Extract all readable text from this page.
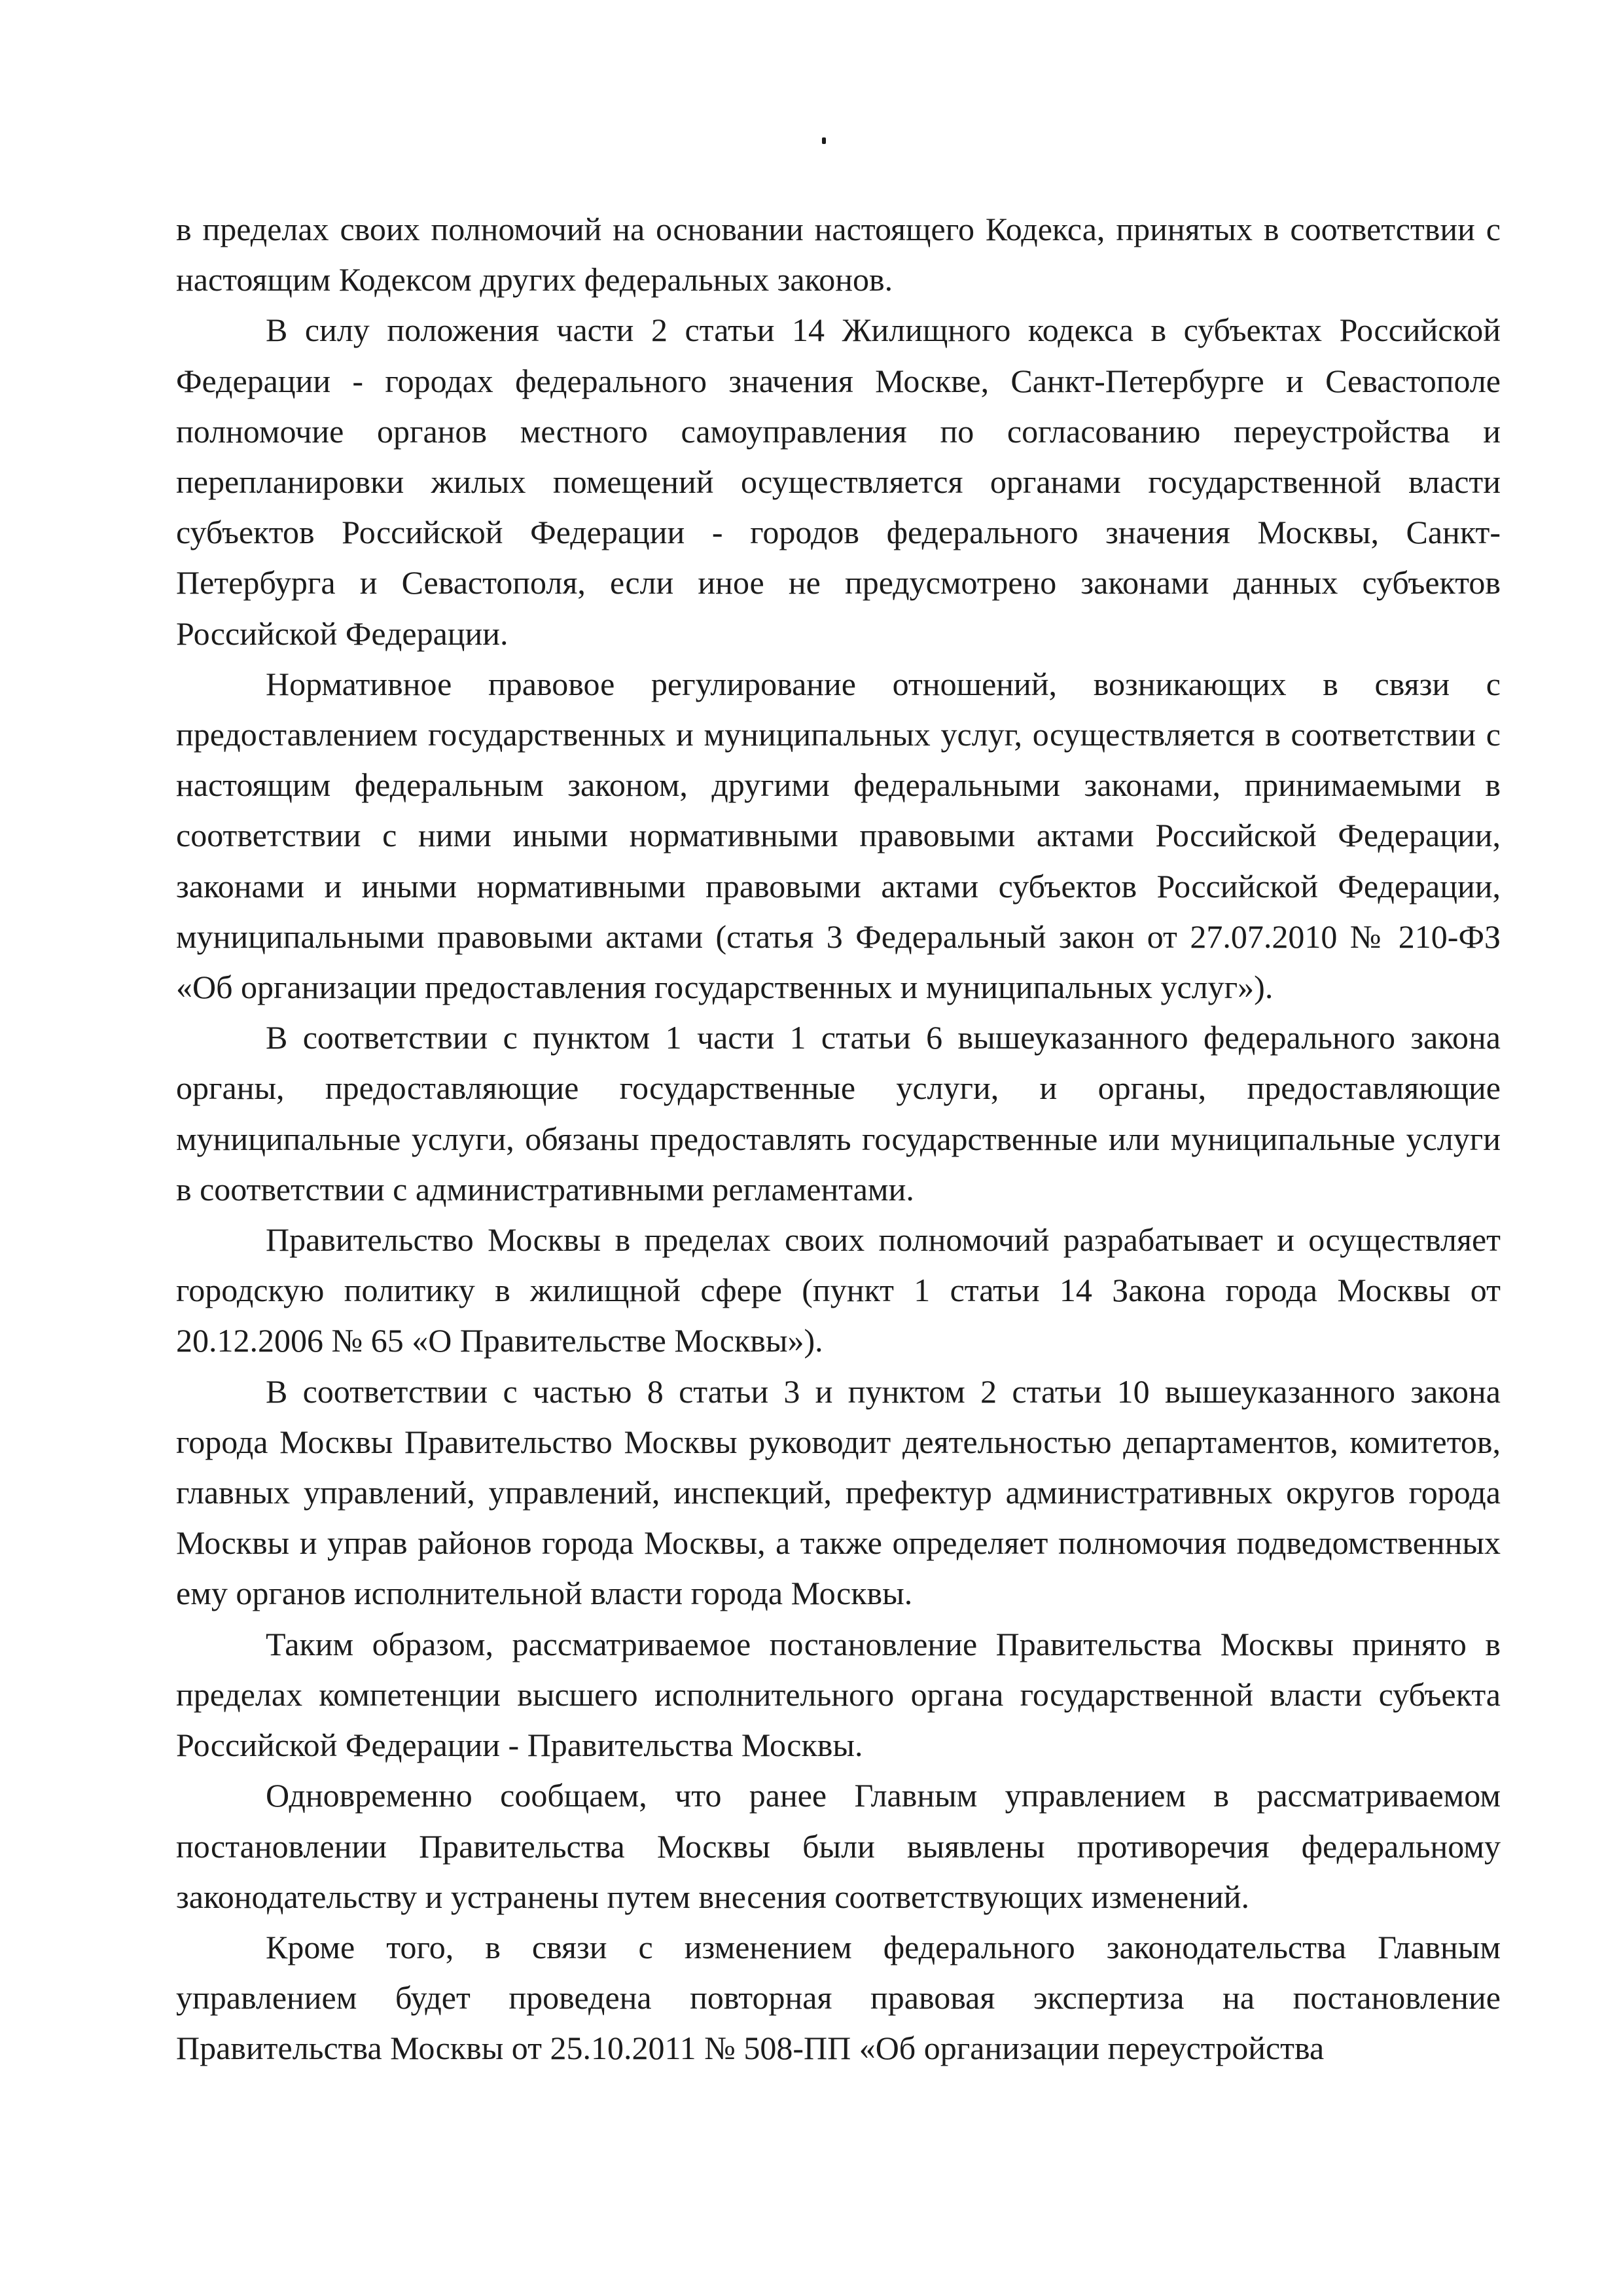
в пределах своих полномочий на основании настоящего Кодекса, принятых в соответствии с настоящим Кодексом других федеральных законов.

В силу положения части 2 статьи 14 Жилищного кодекса в субъектах Российской Федерации - городах федерального значения Москве, Санкт-Петербурге и Севастополе полномочие органов местного самоуправления по согласованию переустройства и перепланировки жилых помещений осуществляется органами государственной власти субъектов Российской Федерации - городов федерального значения Москвы, Санкт-Петербурга и Севастополя, если иное не предусмотрено законами данных субъектов Российской Федерации.

Нормативное правовое регулирование отношений, возникающих в связи с предоставлением государственных и муниципальных услуг, осуществляется в соответствии с настоящим федеральным законом, другими федеральными законами, принимаемыми в соответствии с ними иными нормативными правовыми актами Российской Федерации, законами и иными нормативными правовыми актами субъектов Российской Федерации, муниципальными правовыми актами (статья 3 Федеральный закон от 27.07.2010 № 210-ФЗ «Об организации предоставления государственных и муниципальных услуг»).

В соответствии с пунктом 1 части 1 статьи 6 вышеуказанного федерального закона органы, предоставляющие государственные услуги, и органы, предоставляющие муниципальные услуги, обязаны предоставлять государственные или муниципальные услуги в соответствии с административными регламентами.

Правительство Москвы в пределах своих полномочий разрабатывает и осуществляет городскую политику в жилищной сфере (пункт 1 статьи 14 Закона города Москвы от 20.12.2006 № 65 «О Правительстве Москвы»).

В соответствии с частью 8 статьи 3 и пунктом 2 статьи 10 вышеуказанного закона города Москвы Правительство Москвы руководит деятельностью департаментов, комитетов, главных управлений, управлений, инспекций, префектур административных округов города Москвы и управ районов города Москвы, а также определяет полномочия подведомственных ему органов исполнительной власти города Москвы.

Таким образом, рассматриваемое постановление Правительства Москвы принято в пределах компетенции высшего исполнительного органа государственной власти субъекта Российской Федерации - Правительства Москвы.

Одновременно сообщаем, что ранее Главным управлением в рассматриваемом постановлении Правительства Москвы были выявлены противоречия федеральному законодательству и устранены путем внесения соответствующих изменений.

Кроме того, в связи с изменением федерального законодательства Главным управлением будет проведена повторная правовая экспертиза на постановление Правительства Москвы от 25.10.2011 № 508-ПП «Об организации переустройства
